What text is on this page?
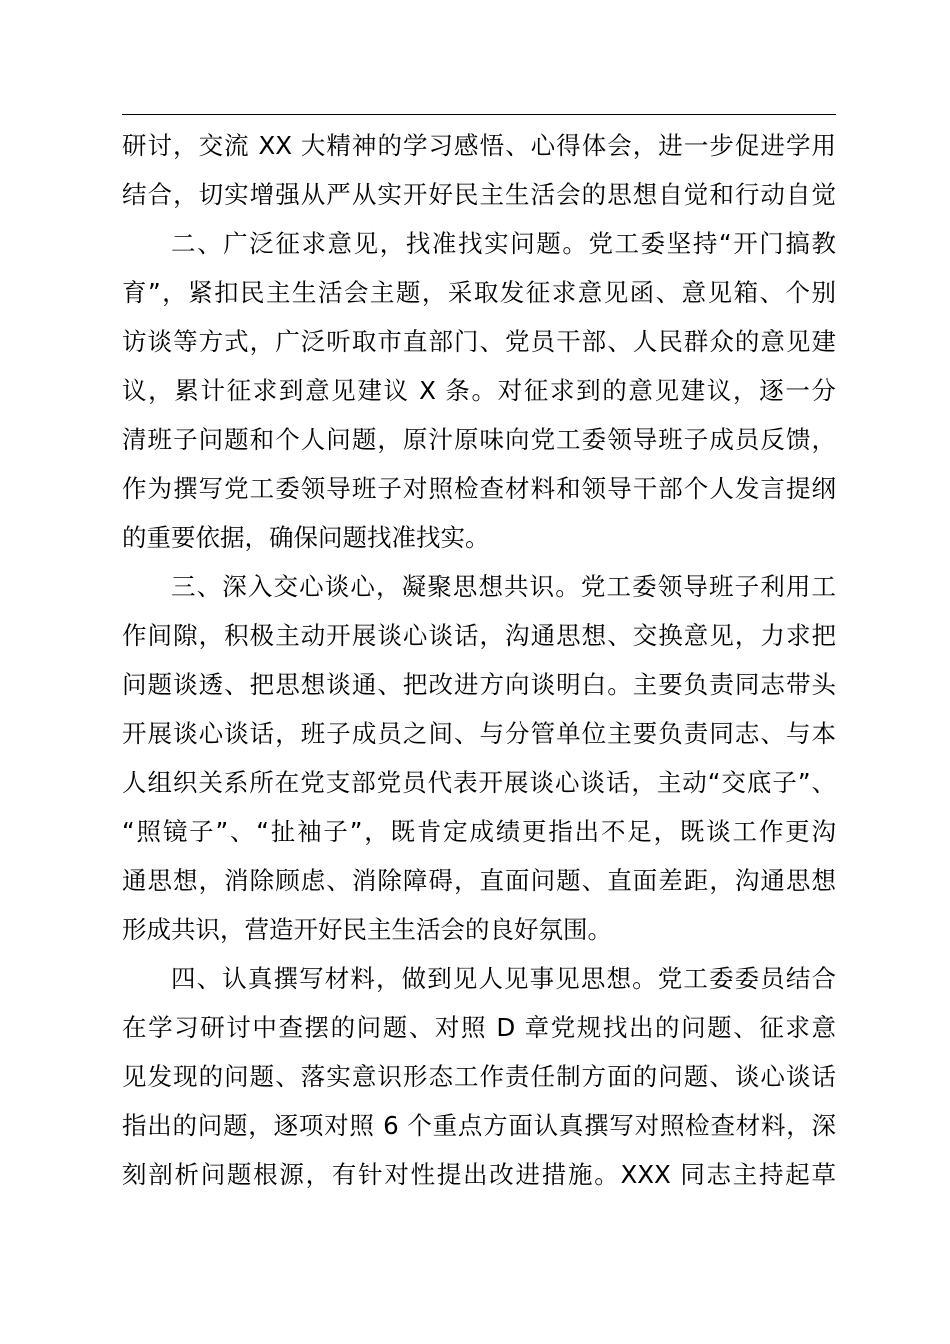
研讨，交流 XX 大精神的学习感悟、心得体会，进一步促进学用
结合，切实增强从严从实开好民主生活会的思想自觉和行动自觉
二、广泛征求意见，找准找实问题。党工委坚持“开门搞教
育”，紧扣民主生活会主题，采取发征求意见函、意见箱、个别
访谈等方式，广泛听取市直部门、党员干部、人民群众的意见建
议，累计征求到意见建议 X 条。对征求到的意见建议，逐一分
清班子问题和个人问题，原汁原味向党工委领导班子成员反馈，
作为撰写党工委领导班子对照检查材料和领导干部个人发言提纲
的重要依据，确保问题找准找实。
三、深入交心谈心，凝聚思想共识。党工委领导班子利用工
作间隙，积极主动开展谈心谈话，沟通思想、交换意见，力求把
问题谈透、把思想谈通、把改进方向谈明白。主要负责同志带头
开展谈心谈话，班子成员之间、与分管单位主要负责同志、与本
人组织关系所在党支部党员代表开展谈心谈话，主动“交底子”、
“照镜子”、“扯袖子”，既肯定成绩更指出不足，既谈工作更沟
通思想，消除顾虑、消除障碍，直面问题、直面差距，沟通思想
形成共识，营造开好民主生活会的良好氛围。
四、认真撰写材料，做到见人见事见思想。党工委委员结合
在学习研讨中查摆的问题、对照 D 章党规找出的问题、征求意
见发现的问题、落实意识形态工作责任制方面的问题、谈心谈话
指出的问题，逐项对照 6 个重点方面认真撰写对照检查材料，深
刻剖析问题根源，有针对性提出改进措施。XXX 同志主持起草
